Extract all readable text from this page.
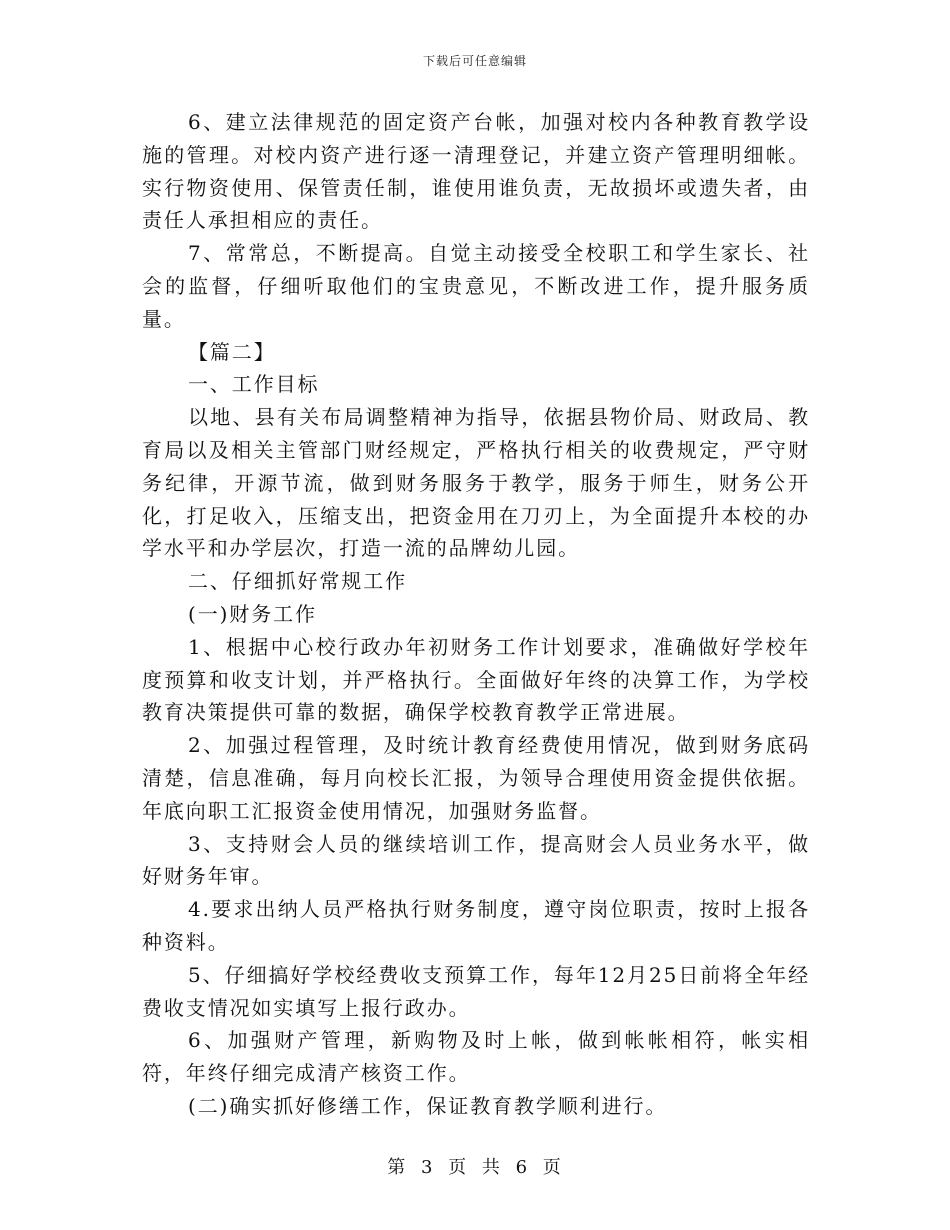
下载后可任意编辑

6、建立法律规范的固定资产台帐，加强对校内各种教育教学设施的管理。对校内资产进行逐一清理登记，并建立资产管理明细帐。实行物资使用、保管责任制，谁使用谁负责，无故损坏或遗失者，由责任人承担相应的责任。

7、常常总，不断提高。自觉主动接受全校职工和学生家长、社会的监督，仔细听取他们的宝贵意见，不断改进工作，提升服务质量。

【篇二】

一、工作目标

以地、县有关布局调整精神为指导，依据县物价局、财政局、教育局以及相关主管部门财经规定，严格执行相关的收费规定，严守财务纪律，开源节流，做到财务服务于教学，服务于师生，财务公开化，打足收入，压缩支出，把资金用在刀刃上，为全面提升本校的办学水平和办学层次，打造一流的品牌幼儿园。

二、仔细抓好常规工作

(一)财务工作

1、根据中心校行政办年初财务工作计划要求，准确做好学校年度预算和收支计划，并严格执行。全面做好年终的决算工作，为学校教育决策提供可靠的数据，确保学校教育教学正常进展。

2、加强过程管理，及时统计教育经费使用情况，做到财务底码清楚，信息准确，每月向校长汇报，为领导合理使用资金提供依据。年底向职工汇报资金使用情况，加强财务监督。

3、支持财会人员的继续培训工作，提高财会人员业务水平，做好财务年审。

4.要求出纳人员严格执行财务制度，遵守岗位职责，按时上报各种资料。

5、仔细搞好学校经费收支预算工作，每年12月25日前将全年经费收支情况如实填写上报行政办。

6、加强财产管理，新购物及时上帐，做到帐帐相符，帐实相符，年终仔细完成清产核资工作。

(二)确实抓好修缮工作，保证教育教学顺利进行。

第 3 页 共 6 页
